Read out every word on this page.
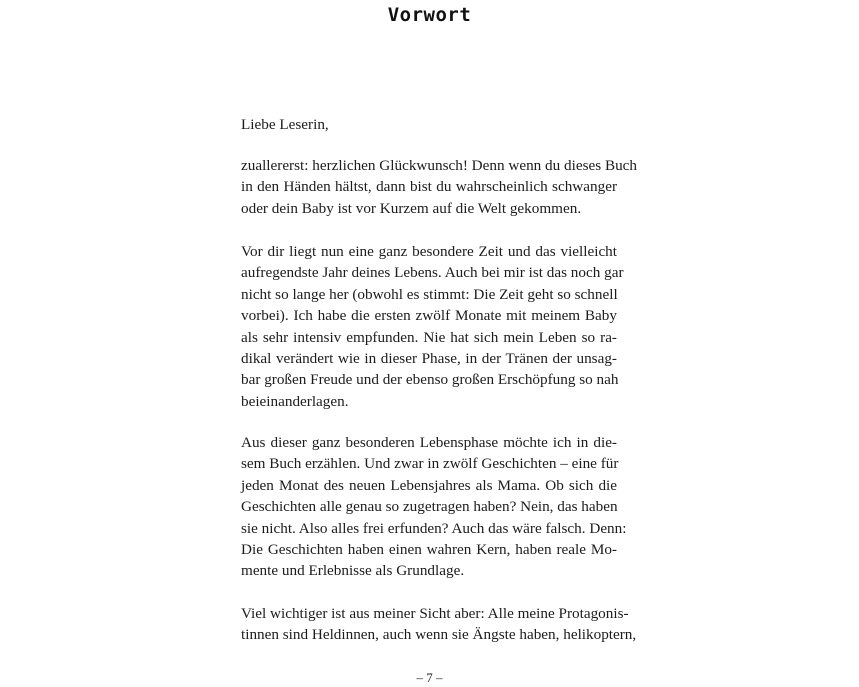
Vorwort
Liebe Leserin,
zuallererst: herzlichen Glückwunsch! Denn wenn du dieses Buch
in den Händen hältst, dann bist du wahrscheinlich schwanger
oder dein Baby ist vor Kurzem auf die Welt gekommen.
Vor dir liegt nun eine ganz besondere Zeit und das vielleicht
aufregendste Jahr deines Lebens. Auch bei mir ist das noch gar
nicht so lange her (obwohl es stimmt: Die Zeit geht so schnell
vorbei). Ich habe die ersten zwölf Monate mit meinem Baby
als sehr intensiv empfunden. Nie hat sich mein Leben so ra-
dikal verändert wie in dieser Phase, in der Tränen der unsag-
bar großen Freude und der ebenso großen Erschöpfung so nah
beieinanderlagen.
Aus dieser ganz besonderen Lebensphase möchte ich in die-
sem Buch erzählen. Und zwar in zwölf Geschichten – eine für
jeden Monat des neuen Lebensjahres als Mama. Ob sich die
Geschichten alle genau so zugetragen haben? Nein, das haben
sie nicht. Also alles frei erfunden? Auch das wäre falsch. Denn:
Die Geschichten haben einen wahren Kern, haben reale Mo-
mente und Erlebnisse als Grundlage.
Viel wichtiger ist aus meiner Sicht aber: Alle meine Protagonis-
tinnen sind Heldinnen, auch wenn sie Ängste haben, helikoptern,
– 7 –
